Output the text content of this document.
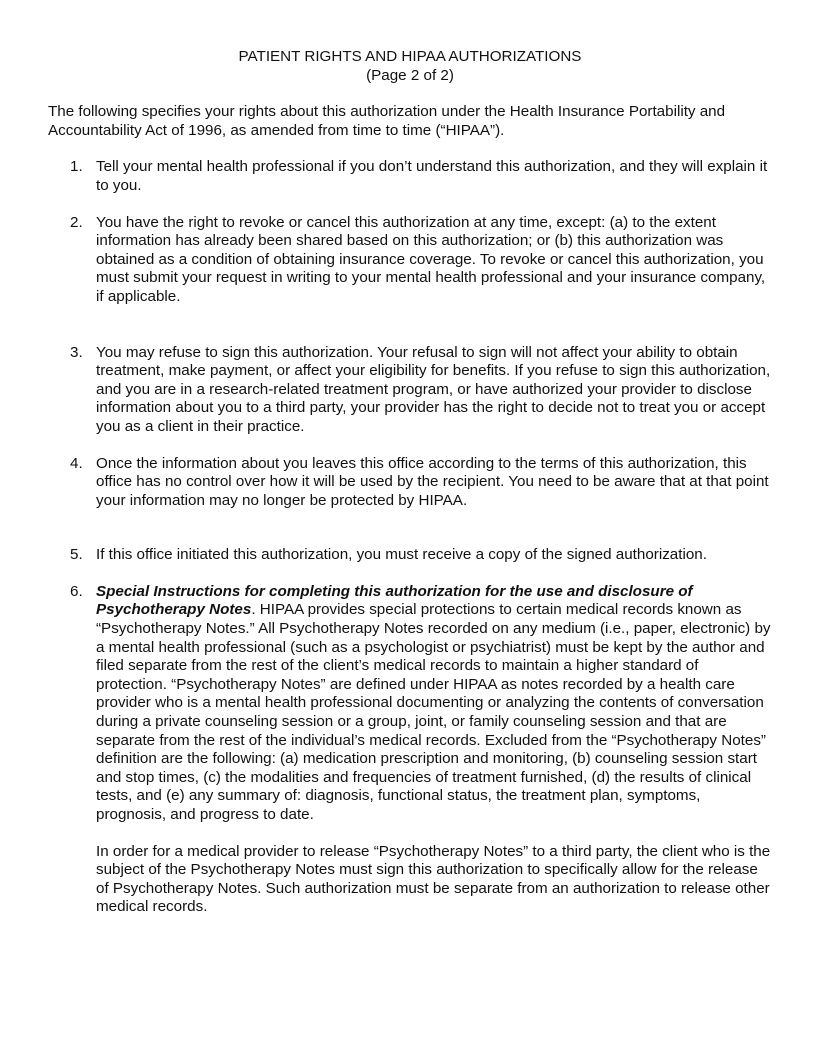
PATIENT RIGHTS AND HIPAA AUTHORIZATIONS
(Page 2 of 2)

The following specifies your rights about this authorization under the Health Insurance Portability and Accountability Act of 1996, as amended from time to time (“HIPAA”).

1. Tell your mental health professional if you don’t understand this authorization, and they will explain it to you.
2. You have the right to revoke or cancel this authorization at any time, except: (a) to the extent information has already been shared based on this authorization; or (b) this authorization was obtained as a condition of obtaining insurance coverage. To revoke or cancel this authorization, you must submit your request in writing to your mental health professional and your insurance company, if applicable.
3. You may refuse to sign this authorization. Your refusal to sign will not affect your ability to obtain treatment, make payment, or affect your eligibility for benefits. If you refuse to sign this authorization, and you are in a research-related treatment program, or have authorized your provider to disclose information about you to a third party, your provider has the right to decide not to treat you or accept you as a client in their practice.
4. Once the information about you leaves this office according to the terms of this authorization, this office has no control over how it will be used by the recipient. You need to be aware that at that point your information may no longer be protected by HIPAA.
5. If this office initiated this authorization, you must receive a copy of the signed authorization.
6. Special Instructions for completing this authorization for the use and disclosure of Psychotherapy Notes. HIPAA provides special protections to certain medical records known as “Psychotherapy Notes.” All Psychotherapy Notes recorded on any medium (i.e., paper, electronic) by a mental health professional (such as a psychologist or psychiatrist) must be kept by the author and filed separate from the rest of the client’s medical records to maintain a higher standard of protection. “Psychotherapy Notes” are defined under HIPAA as notes recorded by a health care provider who is a mental health professional documenting or analyzing the contents of conversation during a private counseling session or a group, joint, or family counseling session and that are separate from the rest of the individual’s medical records. Excluded from the “Psychotherapy Notes” definition are the following: (a) medication prescription and monitoring, (b) counseling session start and stop times, (c) the modalities and frequencies of treatment furnished, (d) the results of clinical tests, and (e) any summary of: diagnosis, functional status, the treatment plan, symptoms, prognosis, and progress to date.
In order for a medical provider to release “Psychotherapy Notes” to a third party, the client who is the subject of the Psychotherapy Notes must sign this authorization to specifically allow for the release of Psychotherapy Notes. Such authorization must be separate from an authorization to release other medical records.
